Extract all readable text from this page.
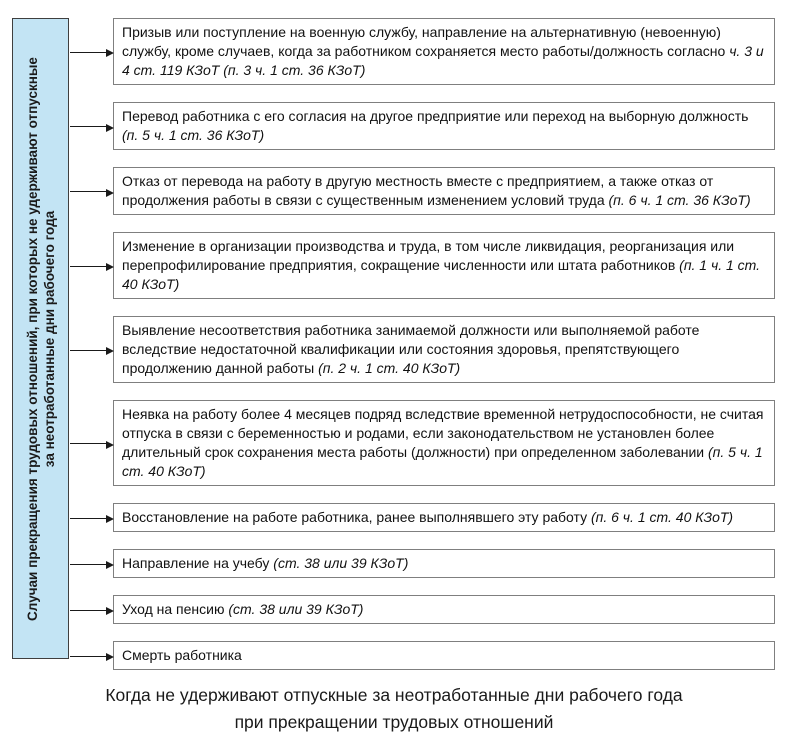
Случаи прекращения трудовых отношений, при которых не удерживают отпускные за неотработанные дни рабочего года
Призыв или поступление на военную службу, направление на альтернативную (невоенную) службу, кроме случаев, когда за работником сохраняется место работы/должность согласно ч. 3 и 4 ст. 119 КЗоТ (п. 3 ч. 1 ст. 36 КЗоТ)
Перевод работника с его согласия на другое предприятие или переход на выборную должность (п. 5 ч. 1 ст. 36 КЗоТ)
Отказ от перевода на работу в другую местность вместе с предприятием, а также отказ от продолжения работы в связи с существенным изменением условий труда (п. 6 ч. 1 ст. 36 КЗоТ)
Изменение в организации производства и труда, в том числе ликвидация, реорганизация или перепрофилирование предприятия, сокращение численности или штата работников (п. 1 ч. 1 ст. 40 КЗоТ)
Выявление несоответствия работника занимаемой должности или выполняемой работе вследствие недостаточной квалификации или состояния здоровья, препятствующего продолжению данной работы (п. 2 ч. 1 ст. 40 КЗоТ)
Неявка на работу более 4 месяцев подряд вследствие временной нетрудоспособности, не считая отпуска в связи с беременностью и родами, если законодательством не установлен более длительный срок сохранения места работы (должности) при определенном заболевании (п. 5 ч. 1 ст. 40 КЗоТ)
Восстановление на работе работника, ранее выполнявшего эту работу (п. 6 ч. 1 ст. 40 КЗоТ)
Направление на учебу (ст. 38 или 39 КЗоТ)
Уход на пенсию (ст. 38 или 39 КЗоТ)
Смерть работника
Когда не удерживают отпускные за неотработанные дни рабочего года
при прекращении трудовых отношений
